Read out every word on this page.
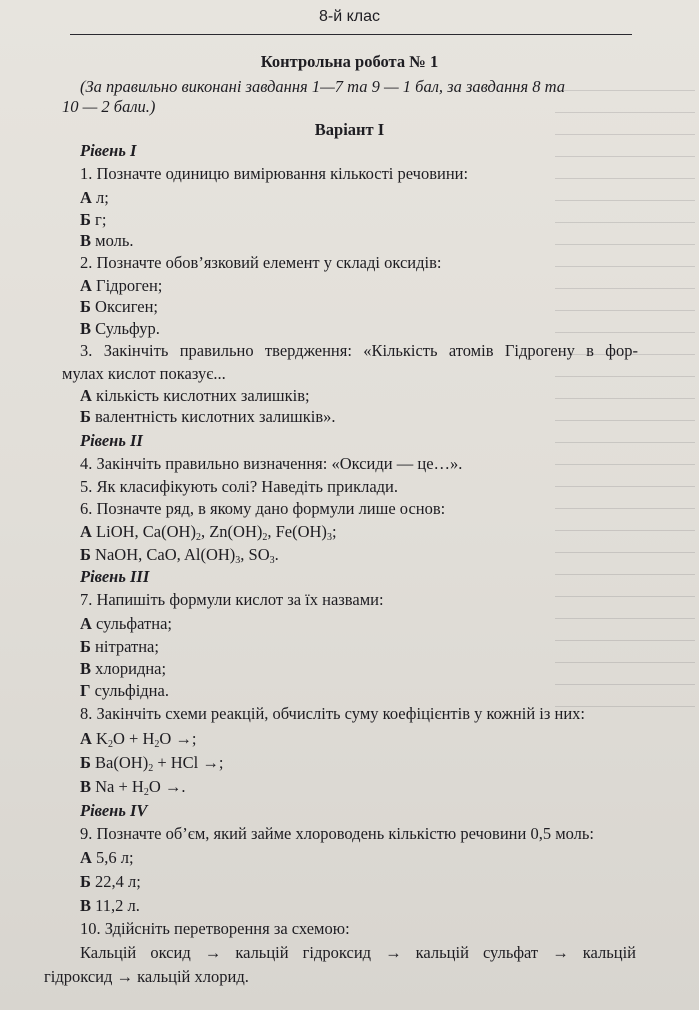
8-й клас
Контрольна робота № 1
(За правильно виконані завдання 1—7 та 9 — 1 бал, за завдання 8 та
10 — 2 бали.)
Варіант І
Рівень І
1. Позначте одиницю вимірювання кількості речовини:
А л;
Б г;
В моль.
2. Позначте обов’язковий елемент у складі оксидів:
А Гідроген;
Б Оксиген;
В Сульфур.
3. Закінчіть правильно твердження: «Кількість атомів Гідрогену в фор-
мулах кислот показує...
А кількість кислотних залишків;
Б валентність кислотних залишків».
Рівень ІІ
4. Закінчіть правильно визначення: «Оксиди — це…».
5. Як класифікують солі? Наведіть приклади.
6. Позначте ряд, в якому дано формули лише основ:
А LiOH, $Ca(OH)_2$, $Zn(OH)_2$, $Fe(OH)_3$;
Б NaOH, CaO, $Al(OH)_3$, $SO_3$.
Рівень ІІІ
7. Напишіть формули кислот за їх назвами:
А сульфатна;
Б нітратна;
В хлоридна;
Г сульфідна.
8. Закінчіть схеми реакцій, обчисліть суму коефіцієнтів у кожній із них:
А $K_2O + H_2O$ →;
Б $Ba(OH)_2$ + HCl →;
В $Na + H_2O$ →.
Рівень IV
9. Позначте об’єм, який займе хлороводень кількістю речовини 0,5 моль:
А 5,6 л;
Б 22,4 л;
В 11,2 л.
10. Здійсніть перетворення за схемою:
Кальцій оксид → кальцій гідроксид → кальцій сульфат → кальцій
гідроксид → кальцій хлорид.
